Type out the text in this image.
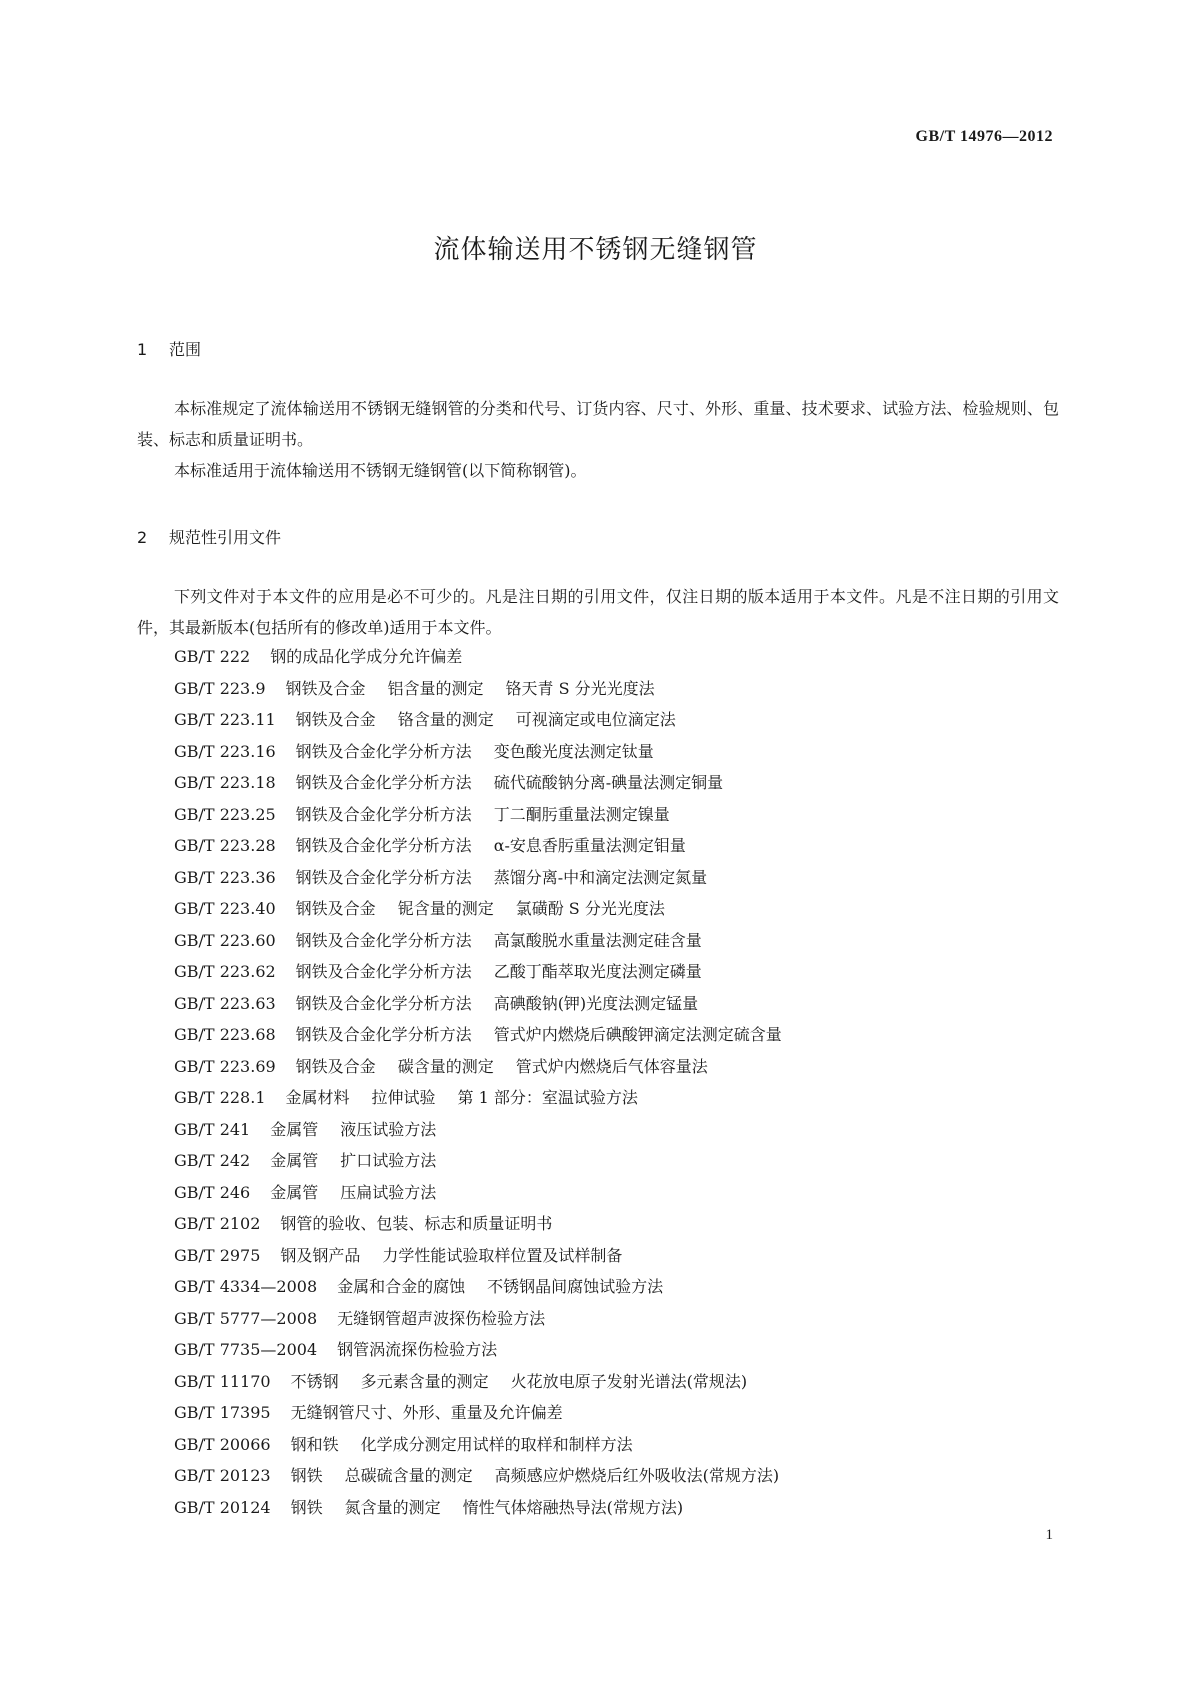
GB/T 14976—2012
流体输送用不锈钢无缝钢管
1 范围
本标准规定了流体输送用不锈钢无缝钢管的分类和代号、订货内容、尺寸、外形、重量、技术要求、试验方法、检验规则、包装、标志和质量证明书。
本标准适用于流体输送用不锈钢无缝钢管(以下简称钢管)。
2 规范性引用文件
下列文件对于本文件的应用是必不可少的。凡是注日期的引用文件，仅注日期的版本适用于本文件。凡是不注日期的引用文件，其最新版本(包括所有的修改单)适用于本文件。
GB/T 222 钢的成品化学成分允许偏差
GB/T 223.9 钢铁及合金 铝含量的测定 铬天青 S 分光光度法
GB/T 223.11 钢铁及合金 铬含量的测定 可视滴定或电位滴定法
GB/T 223.16 钢铁及合金化学分析方法 变色酸光度法测定钛量
GB/T 223.18 钢铁及合金化学分析方法 硫代硫酸钠分离-碘量法测定铜量
GB/T 223.25 钢铁及合金化学分析方法 丁二酮肟重量法测定镍量
GB/T 223.28 钢铁及合金化学分析方法 α-安息香肟重量法测定钼量
GB/T 223.36 钢铁及合金化学分析方法 蒸馏分离-中和滴定法测定氮量
GB/T 223.40 钢铁及合金 铌含量的测定 氯磺酚 S 分光光度法
GB/T 223.60 钢铁及合金化学分析方法 高氯酸脱水重量法测定硅含量
GB/T 223.62 钢铁及合金化学分析方法 乙酸丁酯萃取光度法测定磷量
GB/T 223.63 钢铁及合金化学分析方法 高碘酸钠(钾)光度法测定锰量
GB/T 223.68 钢铁及合金化学分析方法 管式炉内燃烧后碘酸钾滴定法测定硫含量
GB/T 223.69 钢铁及合金 碳含量的测定 管式炉内燃烧后气体容量法
GB/T 228.1 金属材料 拉伸试验 第 1 部分：室温试验方法
GB/T 241 金属管 液压试验方法
GB/T 242 金属管 扩口试验方法
GB/T 246 金属管 压扁试验方法
GB/T 2102 钢管的验收、包装、标志和质量证明书
GB/T 2975 钢及钢产品 力学性能试验取样位置及试样制备
GB/T 4334—2008 金属和合金的腐蚀 不锈钢晶间腐蚀试验方法
GB/T 5777—2008 无缝钢管超声波探伤检验方法
GB/T 7735—2004 钢管涡流探伤检验方法
GB/T 11170 不锈钢 多元素含量的测定 火花放电原子发射光谱法(常规法)
GB/T 17395 无缝钢管尺寸、外形、重量及允许偏差
GB/T 20066 钢和铁 化学成分测定用试样的取样和制样方法
GB/T 20123 钢铁 总碳硫含量的测定 高频感应炉燃烧后红外吸收法(常规方法)
GB/T 20124 钢铁 氮含量的测定 惰性气体熔融热导法(常规方法)
1
